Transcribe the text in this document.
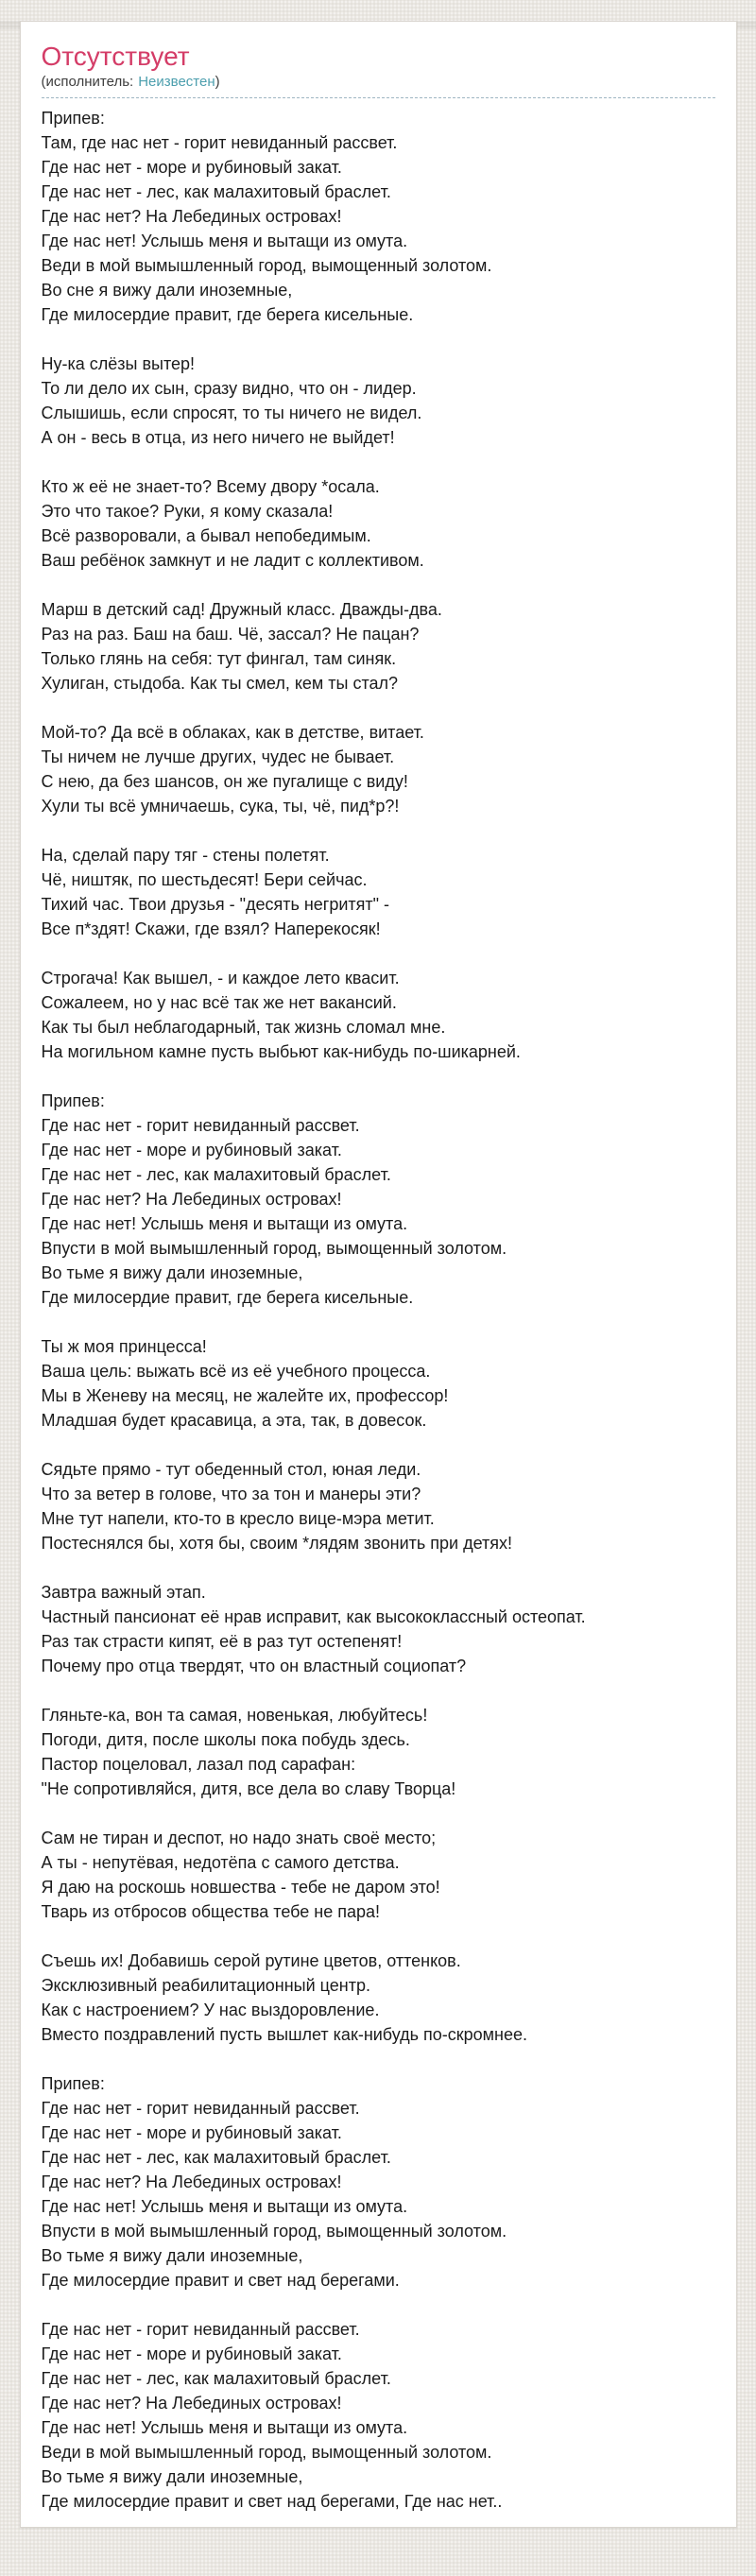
Отсутствует
(исполнитель: Неизвестен)
Припев:
Там, где нас нет - горит невиданный рассвет.
Где нас нет - море и рубиновый закат.
Где нас нет - лес, как малахитовый браслет.
Где нас нет? На Лебединых островах!
Где нас нет! Услышь меня и вытащи из омута.
Веди в мой вымышленный город, вымощенный золотом.
Во сне я вижу дали иноземные,
Где милосердие правит, где берега кисельные.
Ну-ка слёзы вытер!
То ли дело их сын, сразу видно, что он - лидер.
Слышишь, если спросят, то ты ничего не видел.
А он - весь в отца, из него ничего не выйдет!
Кто ж её не знает-то? Всему двору *осала.
Это что такое? Руки, я кому сказала!
Всё разворовали, а бывал непобедимым.
Ваш ребёнок замкнут и не ладит с коллективом.
Марш в детский сад! Дружный класс. Дважды-два.
Раз на раз. Баш на баш. Чё, зассал? Не пацан?
Только глянь на себя: тут фингал, там синяк.
Хулиган, стыдоба. Как ты смел, кем ты стал?
Мой-то? Да всё в облаках, как в детстве, витает.
Ты ничем не лучше других, чудес не бывает.
С нею, да без шансов, он же пугалище с виду!
Хули ты всё умничаешь, сука, ты, чё, пид*р?!
На, сделай пару тяг - стены полетят.
Чё, ништяк, по шестьдесят! Бери сейчас.
Тихий час. Твои друзья - "десять негритят" -
Все п*здят! Скажи, где взял? Наперекосяк!
Строгача! Как вышел, - и каждое лето квасит.
Сожалеем, но у нас всё так же нет вакансий.
Как ты был неблагодарный, так жизнь сломал мне.
На могильном камне пусть выбьют как-нибудь по-шикарней.
Припев:
Где нас нет - горит невиданный рассвет.
Где нас нет - море и рубиновый закат.
Где нас нет - лес, как малахитовый браслет.
Где нас нет? На Лебединых островах!
Где нас нет! Услышь меня и вытащи из омута.
Впусти в мой вымышленный город, вымощенный золотом.
Во тьме я вижу дали иноземные,
Где милосердие правит, где берега кисельные.
Ты ж моя принцесса!
Ваша цель: выжать всё из её учебного процесса.
Мы в Женеву на месяц, не жалейте их, профессор!
Младшая будет красавица, а эта, так, в довесок.
Сядьте прямо - тут обеденный стол, юная леди.
Что за ветер в голове, что за тон и манеры эти?
Мне тут напели, кто-то в кресло вице-мэра метит.
Постеснялся бы, хотя бы, своим *лядям звонить при детях!
Завтра важный этап.
Частный пансионат её нрав исправит, как высококлассный остеопат.
Раз так страсти кипят, её в раз тут остепенят!
Почему про отца твердят, что он властный социопат?
Гляньте-ка, вон та самая, новенькая, любуйтесь!
Погоди, дитя, после школы пока побудь здесь.
Пастор поцеловал, лазал под сарафан:
"Не сопротивляйся, дитя, все дела во славу Творца!
Сам не тиран и деспот, но надо знать своё место;
А ты - непутёвая, недотёпа с самого детства.
Я даю на роскошь новшества - тебе не даром это!
Тварь из отбросов общества тебе не пара!
Съешь их! Добавишь серой рутине цветов, оттенков.
Эксклюзивный реабилитационный центр.
Как с настроением? У нас выздоровление.
Вместо поздравлений пусть вышлет как-нибудь по-скромнее.
Припев:
Где нас нет - горит невиданный рассвет.
Где нас нет - море и рубиновый закат.
Где нас нет - лес, как малахитовый браслет.
Где нас нет? На Лебединых островах!
Где нас нет! Услышь меня и вытащи из омута.
Впусти в мой вымышленный город, вымощенный золотом.
Во тьме я вижу дали иноземные,
Где милосердие правит и свет над берегами.
Где нас нет - горит невиданный рассвет.
Где нас нет - море и рубиновый закат.
Где нас нет - лес, как малахитовый браслет.
Где нас нет? На Лебединых островах!
Где нас нет! Услышь меня и вытащи из омута.
Веди в мой вымышленный город, вымощенный золотом.
Во тьме я вижу дали иноземные,
Где милосердие правит и свет над берегами, Где нас нет..
